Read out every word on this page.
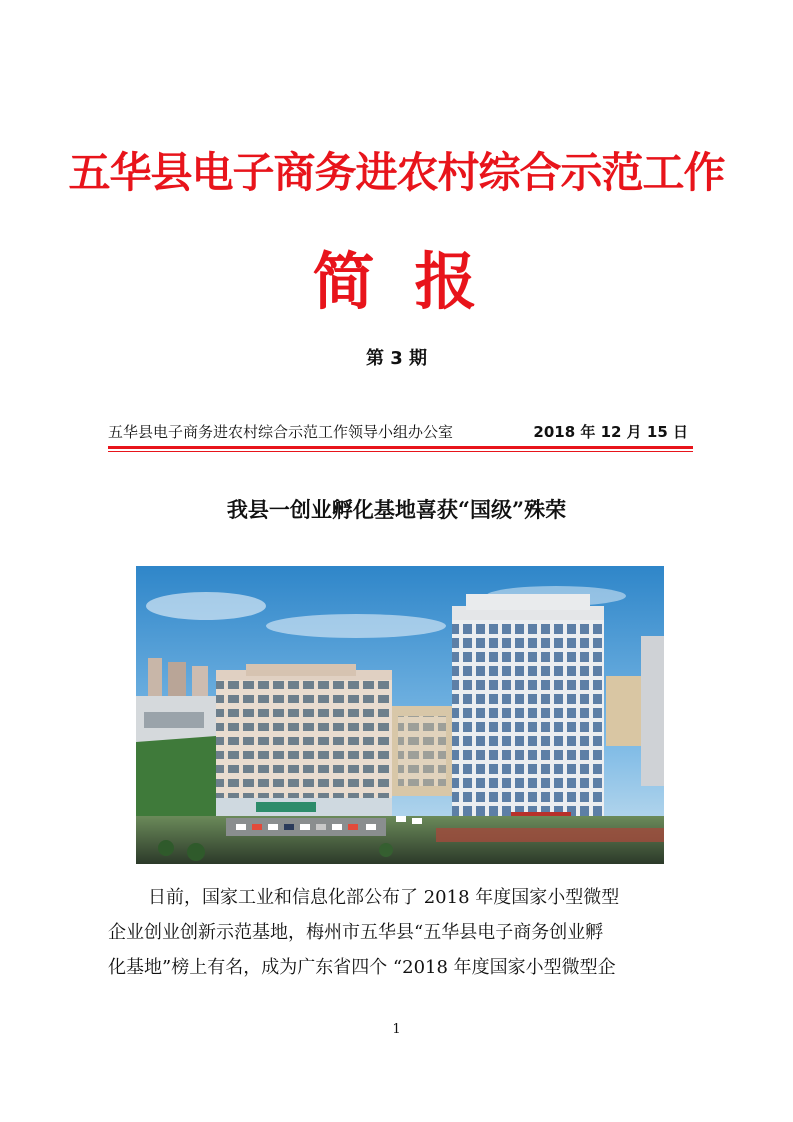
五华县电子商务进农村综合示范工作
简报
第 3 期
五华县电子商务进农村综合示范工作领导小组办公室	2018 年 12 月 15 日
我县一创业孵化基地喜获“国级”殊荣
日前，国家工业和信息化部公布了 2018 年度国家小型微型
企业创业创新示范基地，梅州市五华县“五华县电子商务创业孵
化基地”榜上有名，成为广东省四个 “2018 年度国家小型微型企
1
